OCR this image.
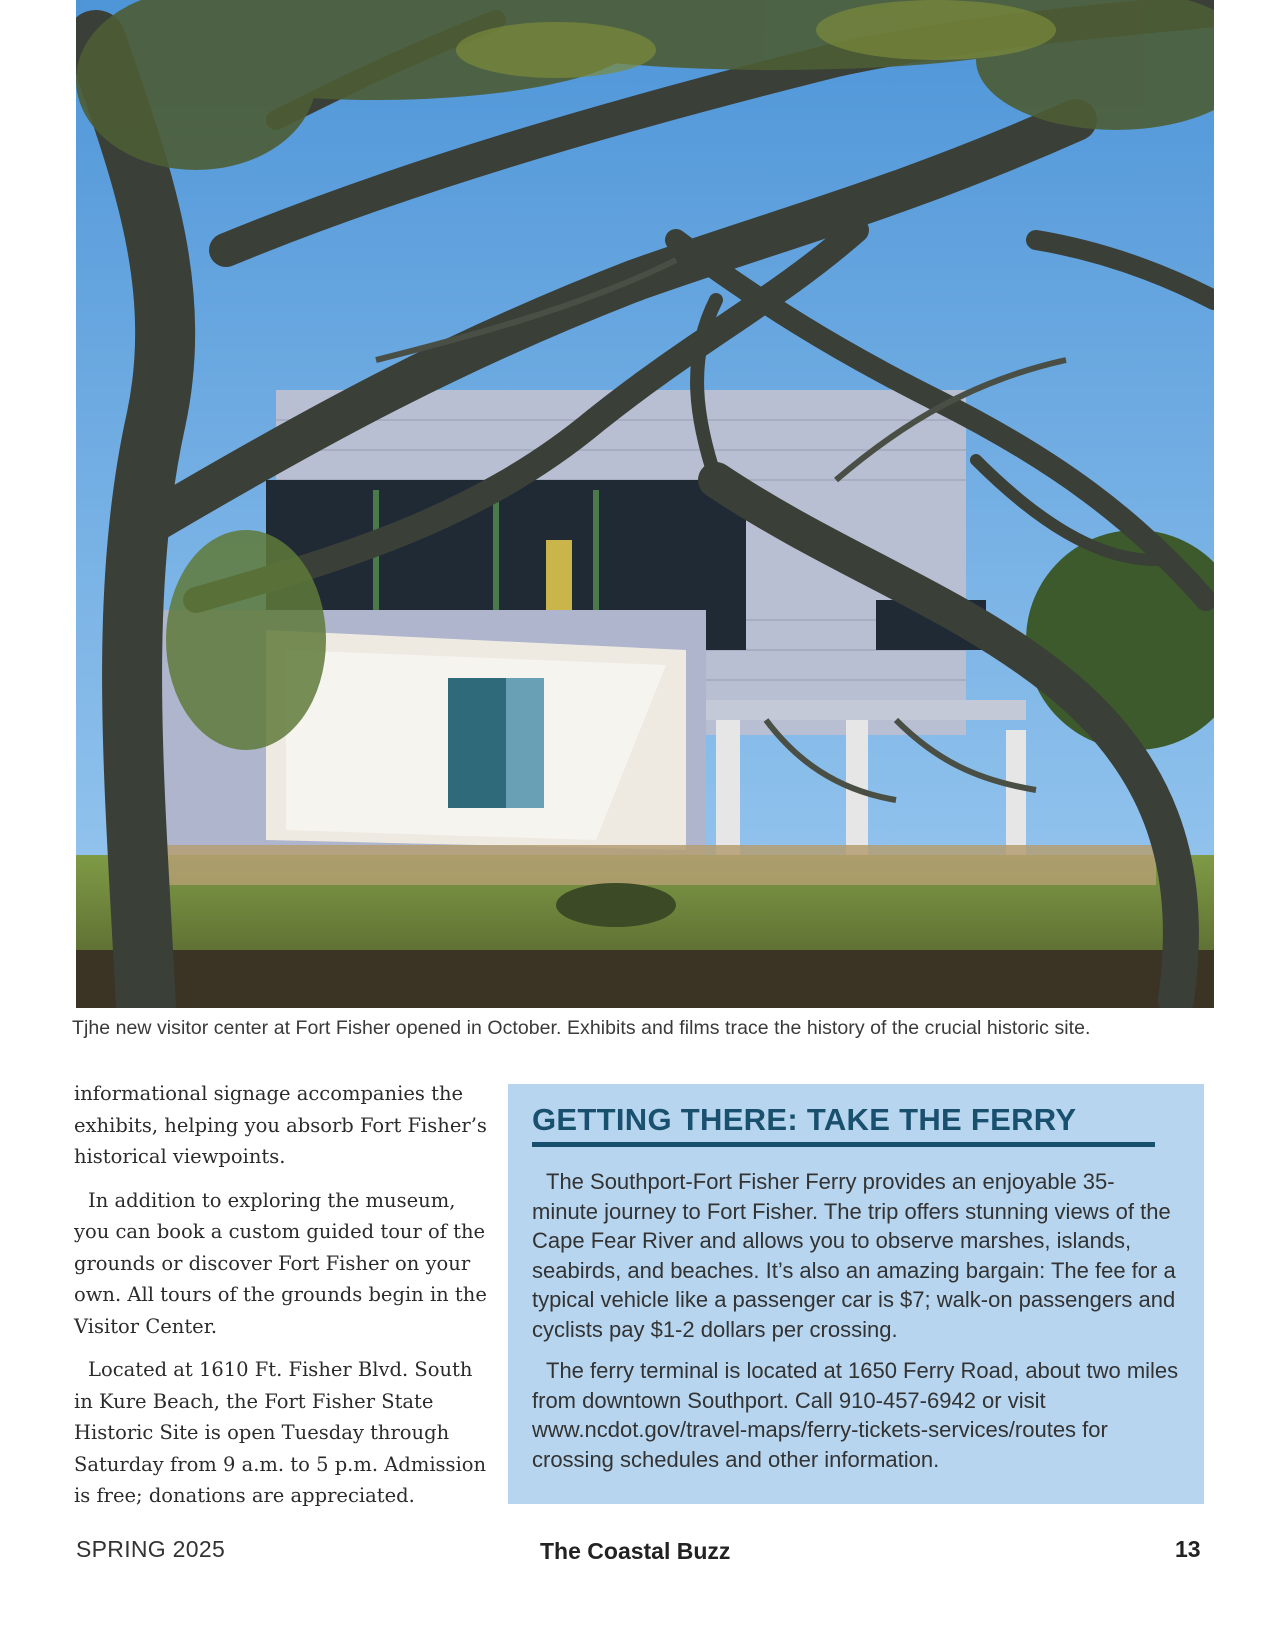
Tjhe new visitor center at Fort Fisher opened in October. Exhibits and films trace the history of the crucial historic site.

informational signage accompanies the exhibits, helping you absorb Fort Fisher’s historical viewpoints.

In addition to exploring the museum, you can book a custom guided tour of the grounds or discover Fort Fisher on your own. All tours of the grounds begin in the Visitor Center.

Located at 1610 Ft. Fisher Blvd. South in Kure Beach, the Fort Fisher State Historic Site is open Tuesday through Saturday from 9 a.m. to 5 p.m. Admission is free; donations are appreciated.

GETTING THERE: TAKE THE FERRY

The Southport-Fort Fisher Ferry provides an enjoyable 35-minute journey to Fort Fisher. The trip offers stunning views of the Cape Fear River and allows you to observe marshes, islands, seabirds, and beaches. It’s also an amazing bargain: The fee for a typical vehicle like a passenger car is $7; walk-on passengers and cyclists pay $1-2 dollars per crossing.

The ferry terminal is located at 1650 Ferry Road, about two miles from downtown Southport. Call 910-457-6942 or visit www.ncdot.gov/travel-maps/ferry-tickets-services/routes for crossing schedules and other information.

SPRING 2025	The Coastal Buzz	13
